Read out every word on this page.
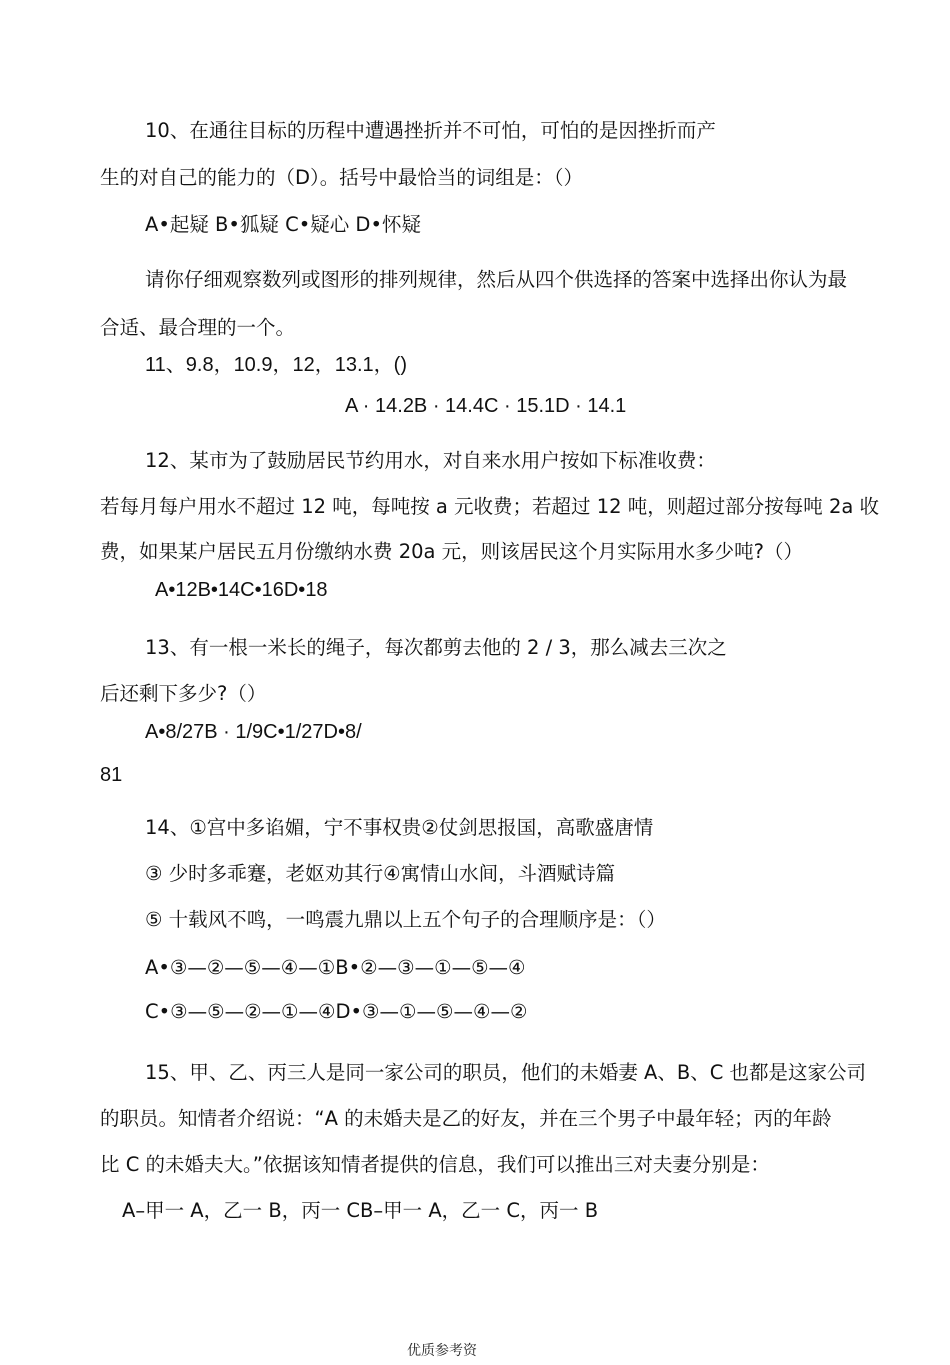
10、在通往目标的历程中遭遇挫折并不可怕，可怕的是因挫折而产
生的对自己的能力的（D）。括号中最恰当的词组是：（）
A•起疑 B•狐疑 C•疑心 D•怀疑
请你仔细观察数列或图形的排列规律，然后从四个供选择的答案中选择出你认为最
合适、最合理的一个。
11、9.8，10.9，12，13.1，()
A · 14.2B · 14.4C · 15.1D · 14.1
12、某市为了鼓励居民节约用水，对自来水用户按如下标准收费：
若每月每户用水不超过 12 吨，每吨按 a 元收费；若超过 12 吨，则超过部分按每吨 2a 收
费，如果某户居民五月份缴纳水费 20a 元，则该居民这个月实际用水多少吨?（）
A•12B•14C•16D•18
13、有一根一米长的绳子，每次都剪去他的 2 / 3，那么减去三次之
后还剩下多少?（）
A•8/27B · 1/9C•1/27D•8/
81
14、①宫中多谄媚，宁不事权贵②仗剑思报国，高歌盛唐情
③ 少时多乖蹇，老妪劝其行④寓情山水间，斗酒赋诗篇
⑤ 十载风不鸣，一鸣震九鼎以上五个句子的合理顺序是：（）
A•③—②—⑤—④—①B•②—③—①—⑤—④
C•③—⑤—②—①—④D•③—①—⑤—④—②
15、甲、乙、丙三人是同一家公司的职员，他们的未婚妻 A、B、C 也都是这家公司
的职员。知情者介绍说：“A 的未婚夫是乙的好友，并在三个男子中最年轻；丙的年龄
比 C 的未婚夫大。”依据该知情者提供的信息，我们可以推出三对夫妻分别是：
A–甲一 A，乙一 B，丙一 CB–甲一 A，乙一 C，丙一 B
优质参考资
